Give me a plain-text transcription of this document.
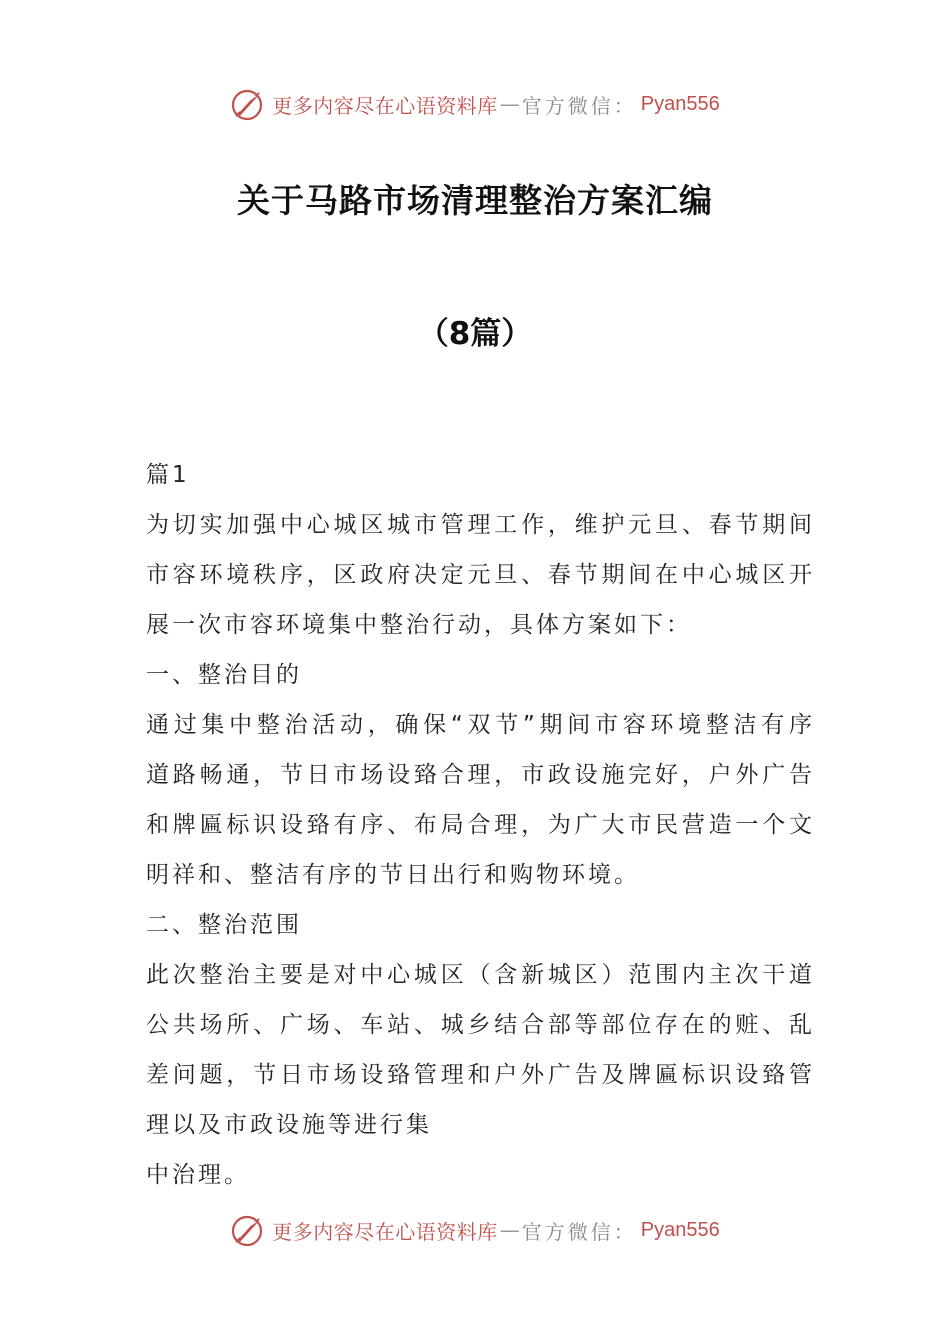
更多内容尽在心语资料库 — 官方微信： Pyan556
关于马路市场清理整治方案汇编
（8篇）
篇1
为切实加强中心城区城市管理工作，维护元旦、春节期间
市容环境秩序，区政府决定元旦、春节期间在中心城区开
展一次市容环境集中整治行动，具体方案如下：
一、整治目的
通过集中整治活动，确保“双节”期间市容环境整洁有序
道路畅通，节日市场设臵合理，市政设施完好，户外广告
和牌匾标识设臵有序、布局合理，为广大市民营造一个文
明祥和、整洁有序的节日出行和购物环境。
二、整治范围
此次整治主要是对中心城区（含新城区）范围内主次干道
公共场所、广场、车站、城乡结合部等部位存在的赃、乱
差问题，节日市场设臵管理和户外广告及牌匾标识设臵管
理以及市政设施等进行集
中治理。
更多内容尽在心语资料库 — 官方微信： Pyan556
